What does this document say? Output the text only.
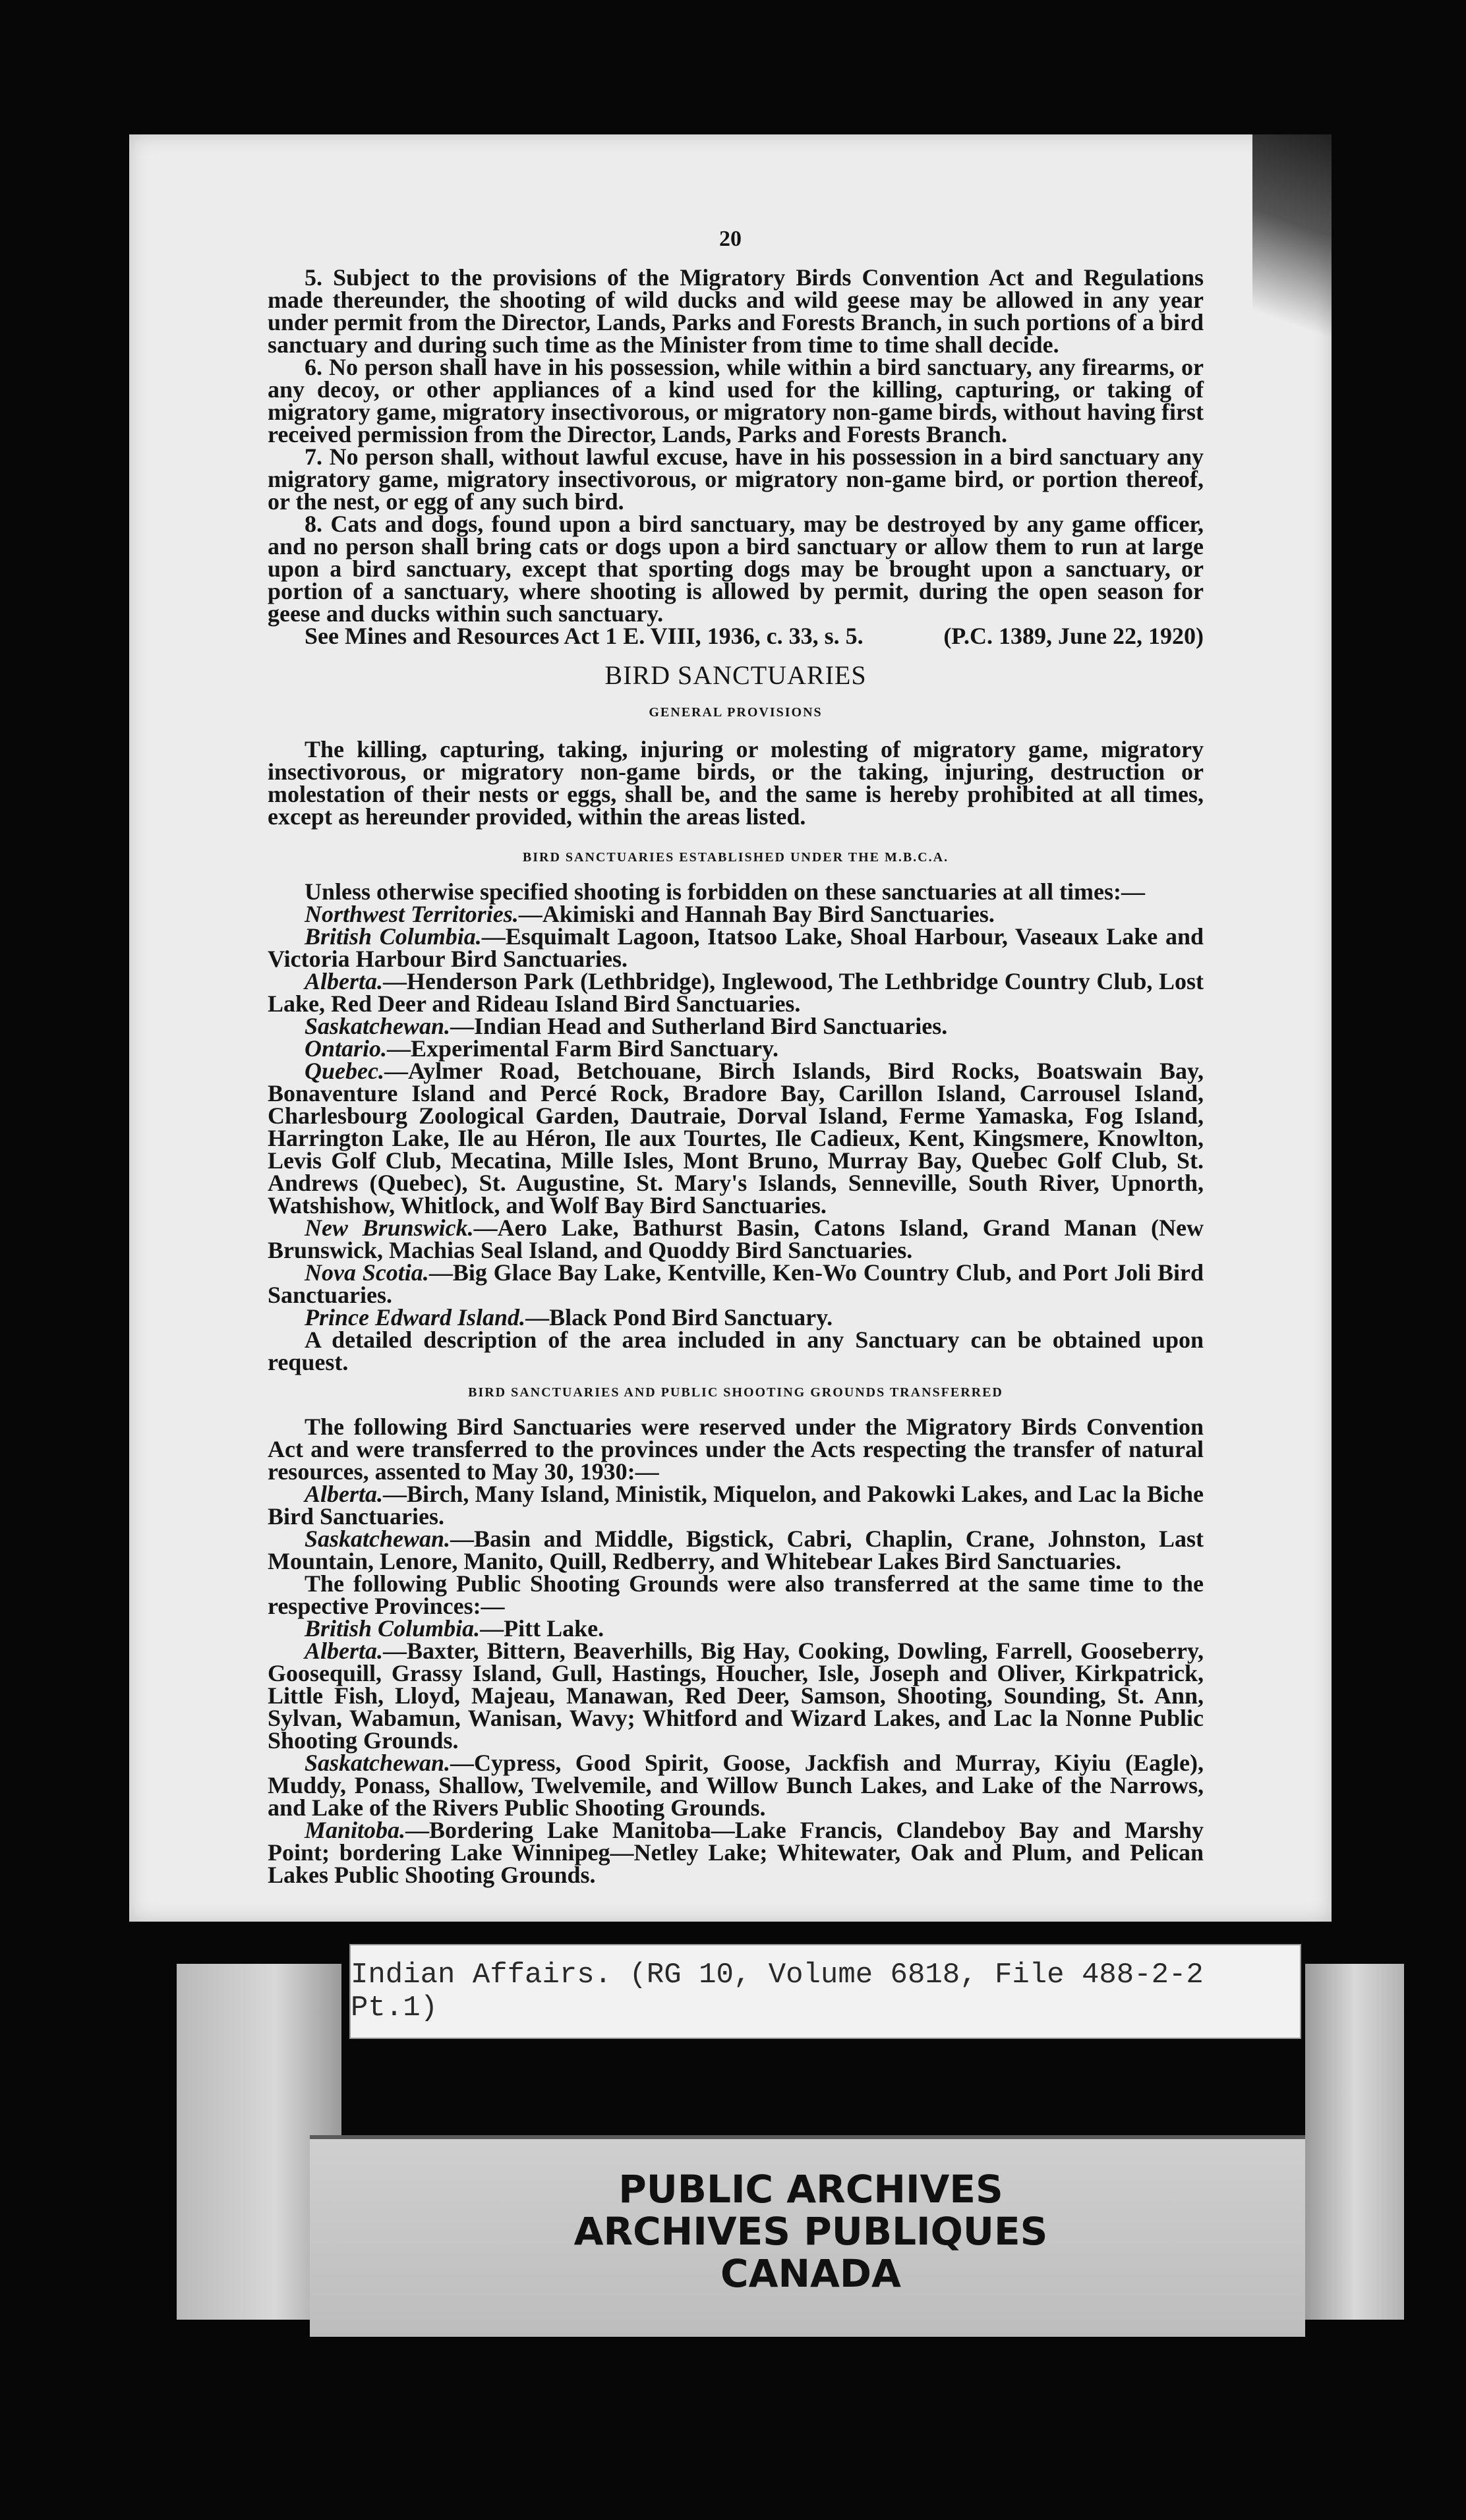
20

5. Subject to the provisions of the Migratory Birds Convention Act and Regulations made thereunder, the shooting of wild ducks and wild geese may be allowed in any year under permit from the Director, Lands, Parks and Forests Branch, in such portions of a bird sanctuary and during such time as the Minister from time to time shall decide.

6. No person shall have in his possession, while within a bird sanctuary, any firearms, or any decoy, or other appliances of a kind used for the killing, capturing, or taking of migratory game, migratory insectivorous, or migratory non-game birds, without having first received permission from the Director, Lands, Parks and Forests Branch.

7. No person shall, without lawful excuse, have in his possession in a bird sanctuary any migratory game, migratory insectivorous, or migratory non-game bird, or portion thereof, or the nest, or egg of any such bird.

8. Cats and dogs, found upon a bird sanctuary, may be destroyed by any game officer, and no person shall bring cats or dogs upon a bird sanctuary or allow them to run at large upon a bird sanctuary, except that sporting dogs may be brought upon a sanctuary, or portion of a sanctuary, where shooting is allowed by permit, during the open season for geese and ducks within such sanctuary.

(P.C. 1389, June 22, 1920)
See Mines and Resources Act 1 E. VIII, 1936, c. 33, s. 5.

BIRD SANCTUARIES
GENERAL PROVISIONS

The killing, capturing, taking, injuring or molesting of migratory game, migratory insectivorous, or migratory non-game birds, or the taking, injuring, destruction or molestation of their nests or eggs, shall be, and the same is hereby prohibited at all times, except as hereunder provided, within the areas listed.

BIRD SANCTUARIES ESTABLISHED UNDER THE M.B.C.A.

Unless otherwise specified shooting is forbidden on these sanctuaries at all times:—

Northwest Territories.—Akimiski and Hannah Bay Bird Sanctuaries.

British Columbia.—Esquimalt Lagoon, Itatsoo Lake, Shoal Harbour, Vaseaux Lake and Victoria Harbour Bird Sanctuaries.

Alberta.—Henderson Park (Lethbridge), Inglewood, The Lethbridge Country Club, Lost Lake, Red Deer and Rideau Island Bird Sanctuaries.

Saskatchewan.—Indian Head and Sutherland Bird Sanctuaries.

Ontario.—Experimental Farm Bird Sanctuary.

Quebec.—Aylmer Road, Betchouane, Birch Islands, Bird Rocks, Boatswain Bay, Bonaventure Island and Percé Rock, Bradore Bay, Carillon Island, Carrousel Island, Charlesbourg Zoological Garden, Dautraie, Dorval Island, Ferme Yamaska, Fog Island, Harrington Lake, Ile au Héron, Ile aux Tourtes, Ile Cadieux, Kent, Kingsmere, Knowlton, Levis Golf Club, Mecatina, Mille Isles, Mont Bruno, Murray Bay, Quebec Golf Club, St. Andrews (Quebec), St. Augustine, St. Mary's Islands, Senneville, South River, Upnorth, Watshishow, Whitlock, and Wolf Bay Bird Sanctuaries.

New Brunswick.—Aero Lake, Bathurst Basin, Catons Island, Grand Manan (New Brunswick, Machias Seal Island, and Quoddy Bird Sanctuaries.

Nova Scotia.—Big Glace Bay Lake, Kentville, Ken-Wo Country Club, and Port Joli Bird Sanctuaries.

Prince Edward Island.—Black Pond Bird Sanctuary.

A detailed description of the area included in any Sanctuary can be obtained upon request.

BIRD SANCTUARIES AND PUBLIC SHOOTING GROUNDS TRANSFERRED

The following Bird Sanctuaries were reserved under the Migratory Birds Convention Act and were transferred to the provinces under the Acts respecting the transfer of natural resources, assented to May 30, 1930:—

Alberta.—Birch, Many Island, Ministik, Miquelon, and Pakowki Lakes, and Lac la Biche Bird Sanctuaries.

Saskatchewan.—Basin and Middle, Bigstick, Cabri, Chaplin, Crane, Johnston, Last Mountain, Lenore, Manito, Quill, Redberry, and Whitebear Lakes Bird Sanctuaries.

The following Public Shooting Grounds were also transferred at the same time to the respective Provinces:—

British Columbia.—Pitt Lake.

Alberta.—Baxter, Bittern, Beaverhills, Big Hay, Cooking, Dowling, Farrell, Gooseberry, Goosequill, Grassy Island, Gull, Hastings, Houcher, Isle, Joseph and Oliver, Kirkpatrick, Little Fish, Lloyd, Majeau, Manawan, Red Deer, Samson, Shooting, Sounding, St. Ann, Sylvan, Wabamun, Wanisan, Wavy; Whitford and Wizard Lakes, and Lac la Nonne Public Shooting Grounds.

Saskatchewan.—Cypress, Good Spirit, Goose, Jackfish and Murray, Kiyiu (Eagle), Muddy, Ponass, Shallow, Twelvemile, and Willow Bunch Lakes, and Lake of the Narrows, and Lake of the Rivers Public Shooting Grounds.

Manitoba.—Bordering Lake Manitoba—Lake Francis, Clandeboy Bay and Marshy Point; bordering Lake Winnipeg—Netley Lake; Whitewater, Oak and Plum, and Pelican Lakes Public Shooting Grounds.

Indian Affairs. (RG 10, Volume 6818, File 488-2-2 Pt.1)
PUBLIC ARCHIVES
ARCHIVES PUBLIQUES
CANADA
